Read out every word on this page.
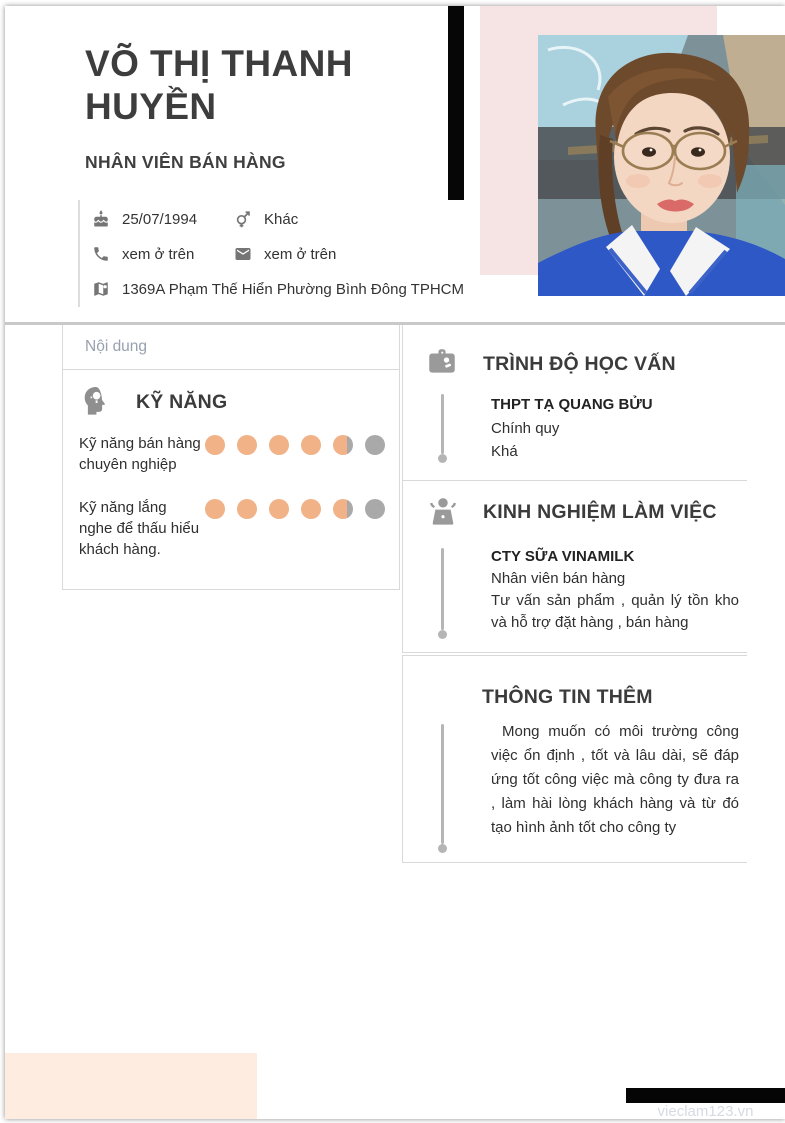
VÕ THỊ THANH HUYỀN
NHÂN VIÊN BÁN HÀNG
25/07/1994	Khác
xem ở trên	xem ở trên
1369A Phạm Thế Hiển Phường Bình Đông TPHCM
Nội dung
KỸ NĂNG
Kỹ năng bán hàng chuyên nghiệp
Kỹ năng lắng nghe để thấu hiểu khách hàng.
TRÌNH ĐỘ HỌC VẤN
THPT TẠ QUANG BỬU
Chính quy
Khá
KINH NGHIỆM LÀM VIỆC
CTY SỮA VINAMILK
Nhân viên bán hàng
Tư vấn sản phẩm , quản lý tồn kho và hỗ trợ đặt hàng , bán hàng
THÔNG TIN THÊM
Mong muốn có môi trường công việc ổn định , tốt và lâu dài, sẽ đáp ứng tốt công việc mà công ty đưa ra , làm hài lòng khách hàng và từ đó tạo hình ảnh tốt cho công ty
vieclam123.vn
